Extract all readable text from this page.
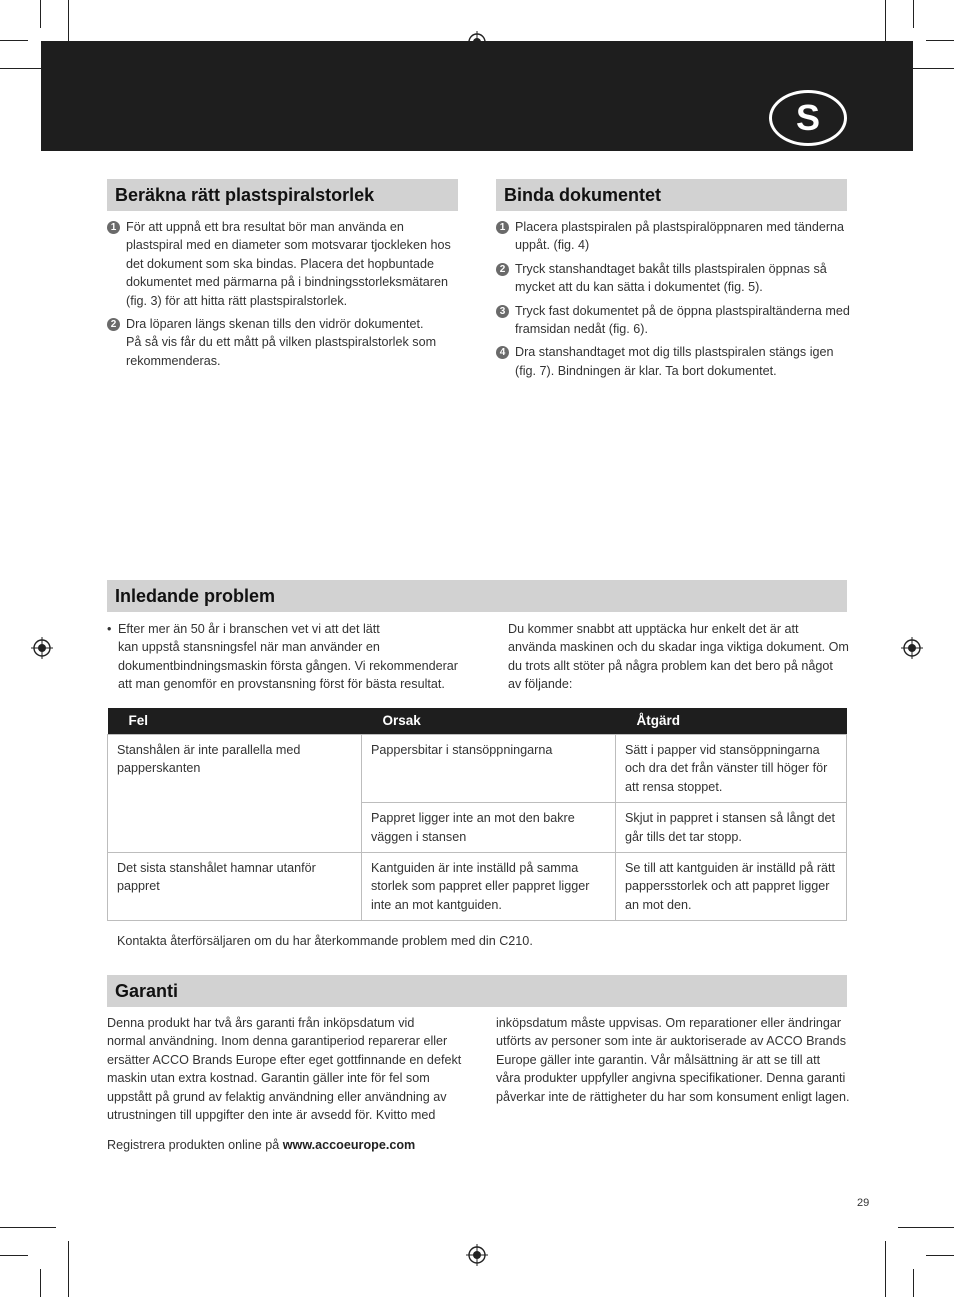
S
Beräkna rätt plastspiralstorlek
1 För att uppnå ett bra resultat bör man använda en
plastspiral med en diameter som motsvarar tjockleken hos
det dokument som ska bindas. Placera det hopbuntade
dokumentet med pärmarna på i bindningsstorleksmätaren
(fig. 3) för att hitta rätt plastspiralstorlek.
2 Dra löparen längs skenan tills den vidrör dokumentet.
På så vis får du ett mått på vilken plastspiralstorlek som
rekommenderas.
Binda dokumentet
1 Placera plastspiralen på plastspiralöppnaren med tänderna
uppåt. (fig. 4)
2 Tryck stanshandtaget bakåt tills plastspiralen öppnas så
mycket att du kan sätta i dokumentet (fig. 5).
3 Tryck fast dokumentet på de öppna plastspiraltänderna med
framsidan nedåt (fig. 6).
4 Dra stanshandtaget mot dig tills plastspiralen stängs igen
(fig. 7). Bindningen är klar. Ta bort dokumentet.
Inledande problem
• Efter mer än 50 år i branschen vet vi att det lätt
kan uppstå stansningsfel när man använder en
dokumentbindningsmaskin första gången. Vi rekommenderar
att man genomför en provstansning först för bästa resultat.
Du kommer snabbt att upptäcka hur enkelt det är att
använda maskinen och du skadar inga viktiga dokument. Om
du trots allt stöter på några problem kan det bero på något
av följande:
Fel	Orsak	Åtgärd
Stanshålen är inte parallella med papperskanten	Pappersbitar i stansöppningarna	Sätt i papper vid stansöppningarna och dra det från vänster till höger för att rensa stoppet.
	Pappret ligger inte an mot den bakre väggen i stansen	Skjut in pappret i stansen så långt det går tills det tar stopp.
Det sista stanshålet hamnar utanför pappret	Kantguiden är inte inställd på samma storlek som pappret eller pappret ligger inte an mot kantguiden.	Se till att kantguiden är inställd på rätt pappersstorlek och att pappret ligger an mot den.
Kontakta återförsäljaren om du har återkommande problem med din C210.
Garanti
Denna produkt har två års garanti från inköpsdatum vid
normal användning. Inom denna garantiperiod reparerar eller
ersätter ACCO Brands Europe efter eget gottfinnande en defekt
maskin utan extra kostnad. Garantin gäller inte för fel som
uppstått på grund av felaktig användning eller användning av
utrustningen till uppgifter den inte är avsedd för. Kvitto med
inköpsdatum måste uppvisas. Om reparationer eller ändringar
utförts av personer som inte är auktoriserade av ACCO Brands
Europe gäller inte garantin. Vår målsättning är att se till att
våra produkter uppfyller angivna specifikationer. Denna garanti
påverkar inte de rättigheter du har som konsument enligt lagen.
Registrera produkten online på www.accoeurope.com
29
